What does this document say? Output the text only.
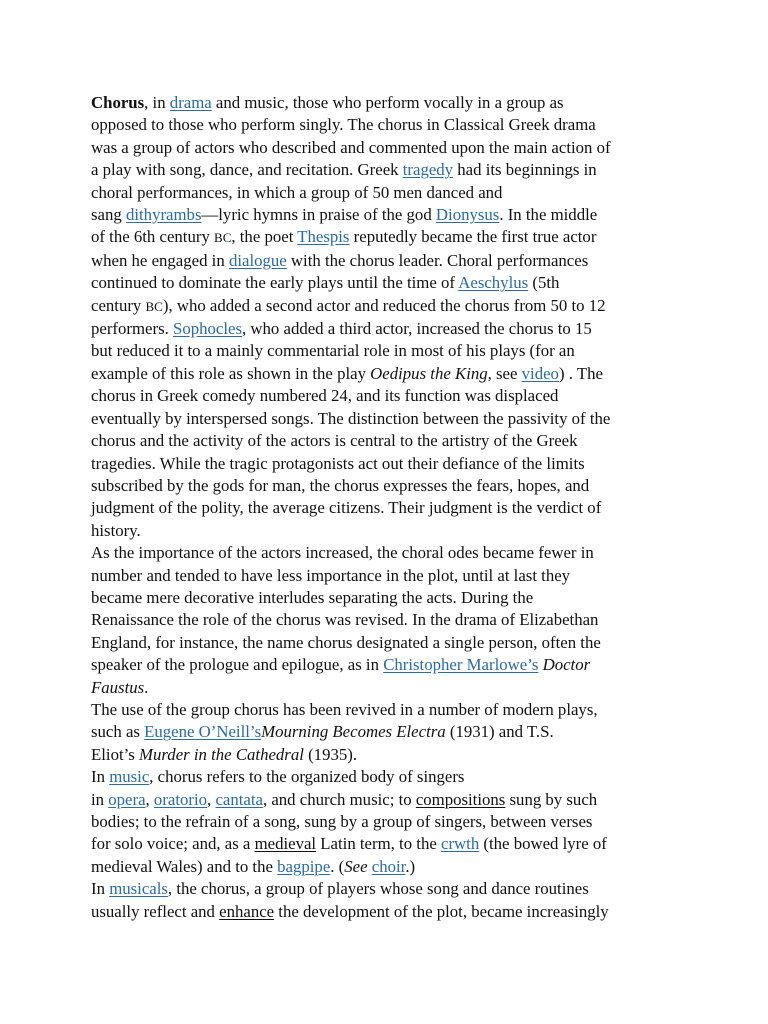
Chorus, in drama and music, those who perform vocally in a group as
opposed to those who perform singly. The chorus in Classical Greek drama
was a group of actors who described and commented upon the main action of
a play with song, dance, and recitation. Greek tragedy had its beginnings in
choral performances, in which a group of 50 men danced and
sang dithyrambs—lyric hymns in praise of the god Dionysus. In the middle
of the 6th century BC, the poet Thespis reputedly became the first true actor
when he engaged in dialogue with the chorus leader. Choral performances
continued to dominate the early plays until the time of Aeschylus (5th
century BC), who added a second actor and reduced the chorus from 50 to 12
performers. Sophocles, who added a third actor, increased the chorus to 15
but reduced it to a mainly commentarial role in most of his plays (for an
example of this role as shown in the play Oedipus the King, see video) . The
chorus in Greek comedy numbered 24, and its function was displaced
eventually by interspersed songs. The distinction between the passivity of the
chorus and the activity of the actors is central to the artistry of the Greek
tragedies. While the tragic protagonists act out their defiance of the limits
subscribed by the gods for man, the chorus expresses the fears, hopes, and
judgment of the polity, the average citizens. Their judgment is the verdict of
history.
As the importance of the actors increased, the choral odes became fewer in
number and tended to have less importance in the plot, until at last they
became mere decorative interludes separating the acts. During the
Renaissance the role of the chorus was revised. In the drama of Elizabethan
England, for instance, the name chorus designated a single person, often the
speaker of the prologue and epilogue, as in Christopher Marlowe’s Doctor
Faustus.
The use of the group chorus has been revived in a number of modern plays,
such as Eugene O’Neill’sMourning Becomes Electra (1931) and T.S.
Eliot’s Murder in the Cathedral (1935).
In music, chorus refers to the organized body of singers
in opera, oratorio, cantata, and church music; to compositions sung by such
bodies; to the refrain of a song, sung by a group of singers, between verses
for solo voice; and, as a medieval Latin term, to the crwth (the bowed lyre of
medieval Wales) and to the bagpipe. (See choir.)
In musicals, the chorus, a group of players whose song and dance routines
usually reflect and enhance the development of the plot, became increasingly
